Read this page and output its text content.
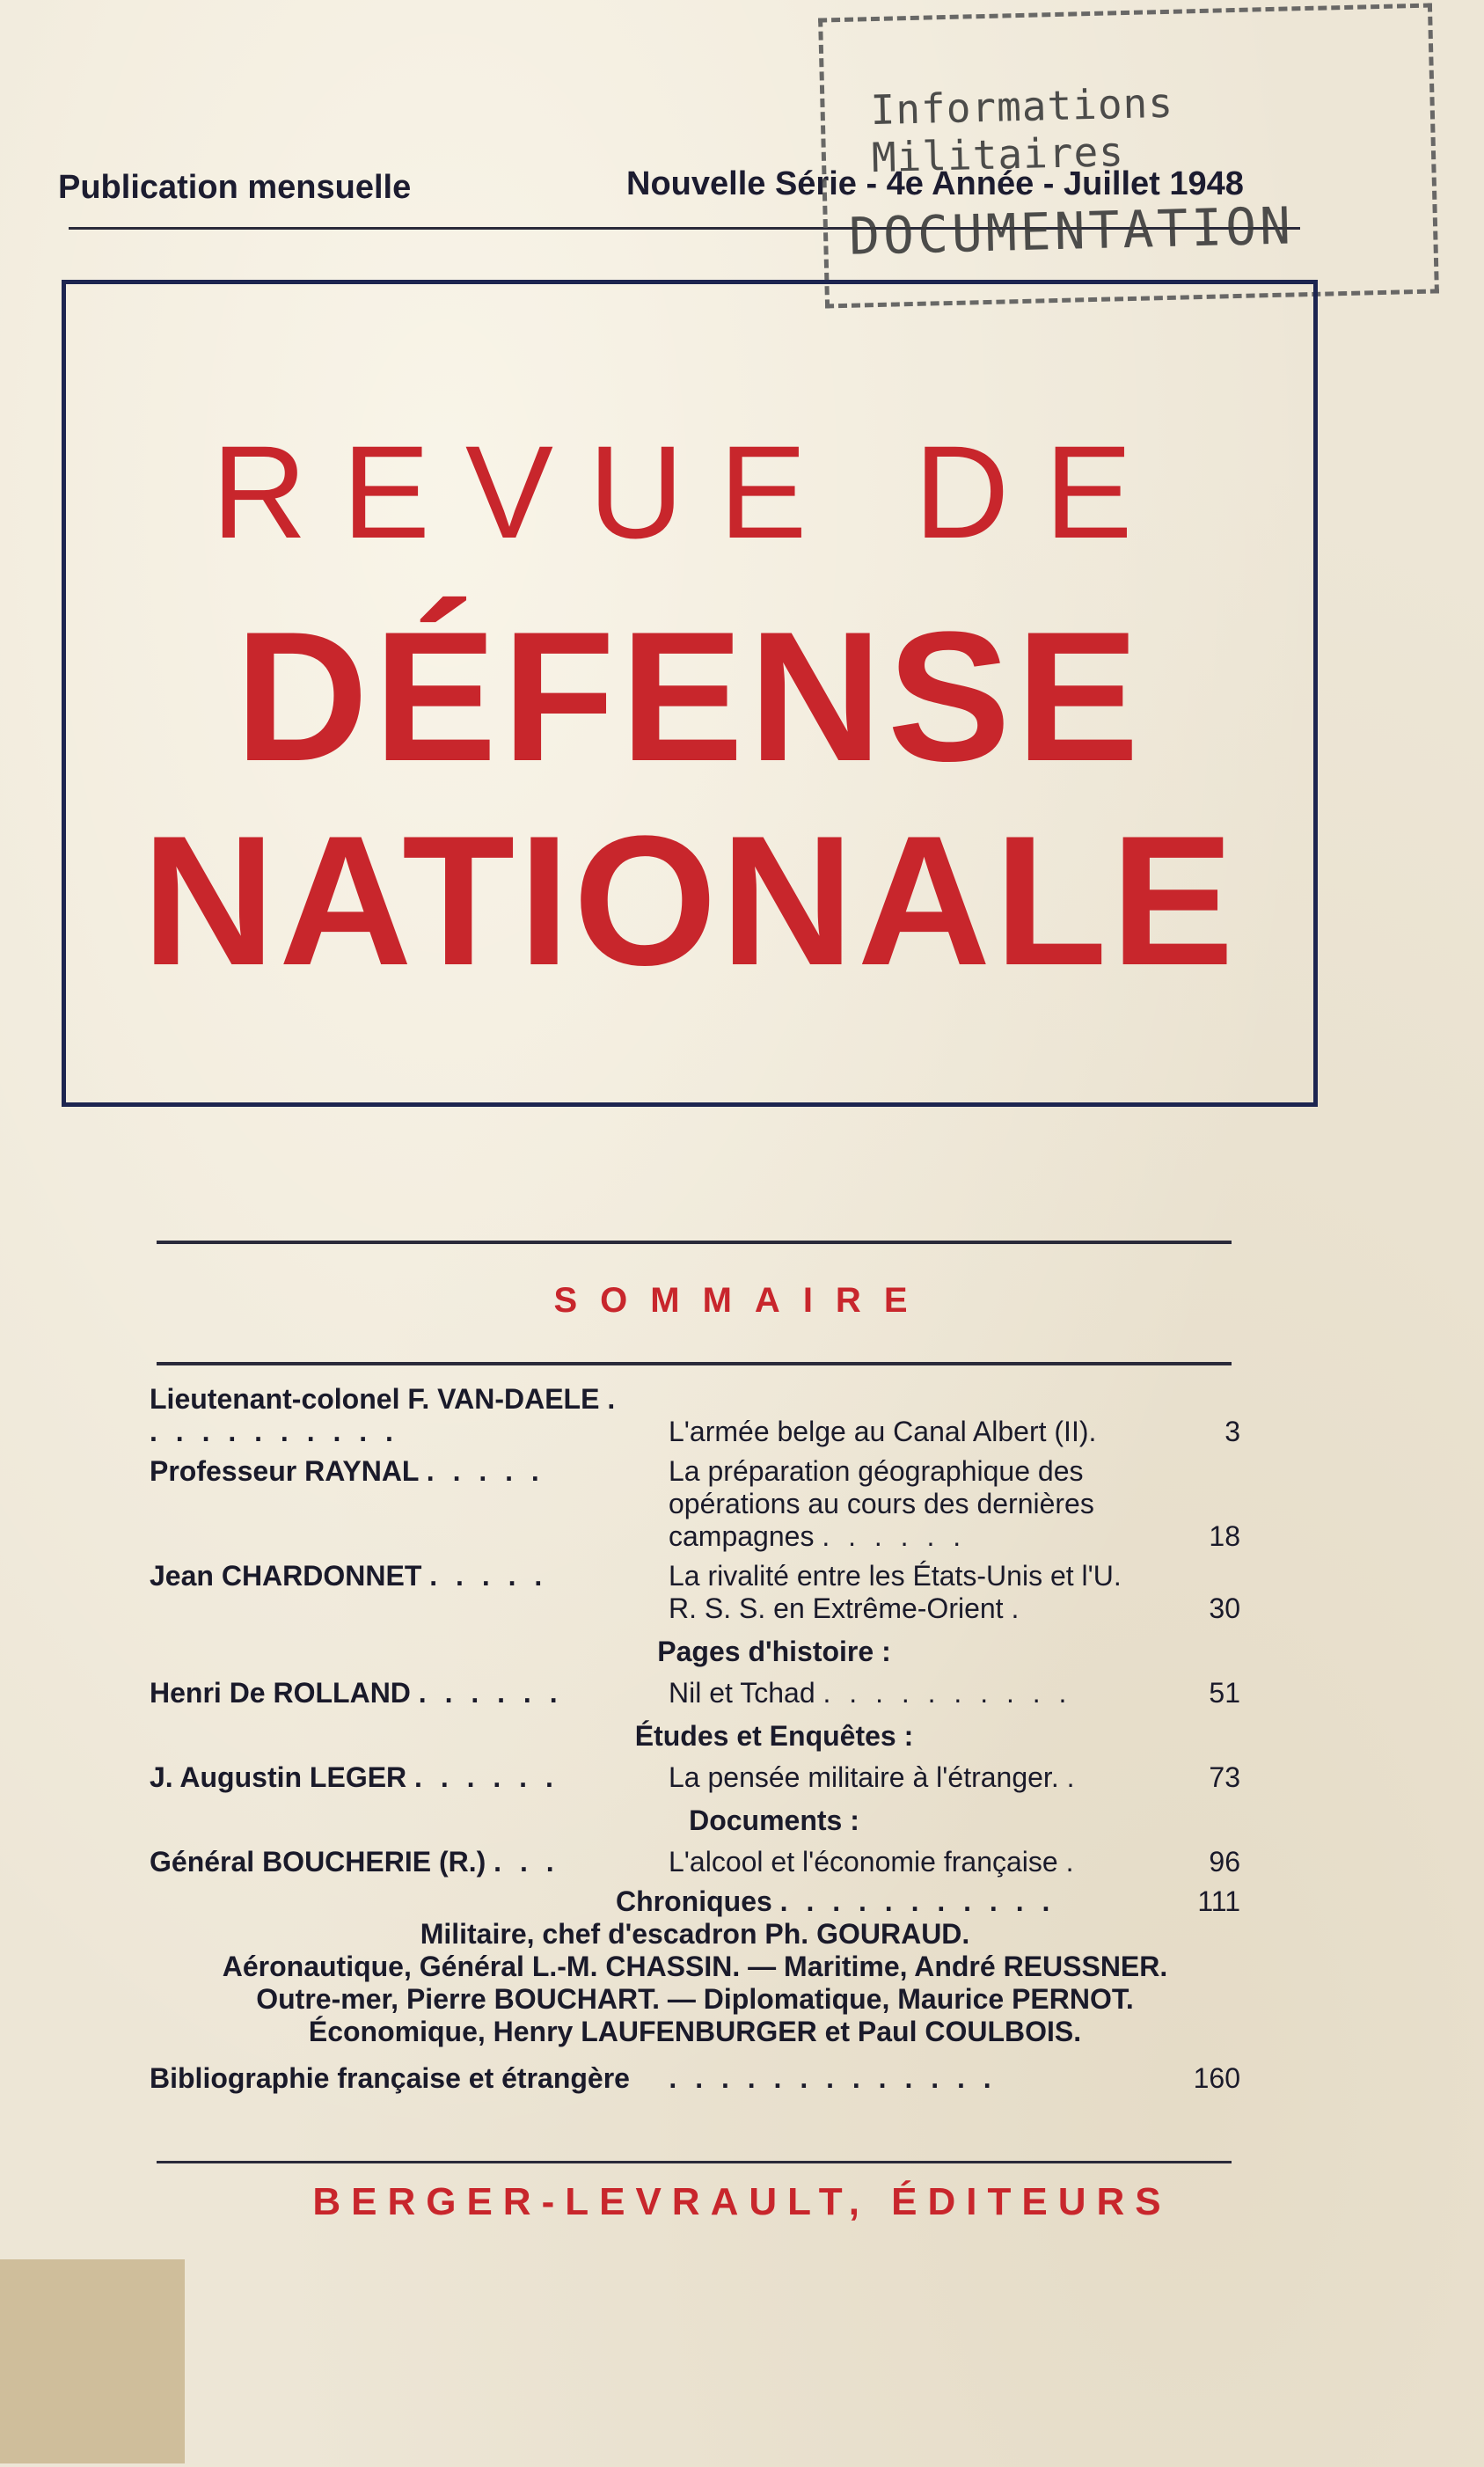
Publication mensuelle	Nouvelle Série - 4e Année - Juillet 1948
Informations Militaires
DOCUMENTATION
REVUE DE
DÉFENSE
NATIONALE
SOMMAIRE
Lieutenant-colonel F. VAN-DAELE . . . . . . . . . . .	L'armée belge au Canal Albert (II).	3
Professeur RAYNAL . . . . .	La préparation géographique des opérations au cours des dernières campagnes . . . . . .	18
Jean CHARDONNET . . . . .	La rivalité entre les États-Unis et l'U. R. S. S. en Extrême-Orient .	30
Pages d'histoire :
Henri De ROLLAND . . . . . .	Nil et Tchad . . . . . . . . . .	51
Études et Enquêtes :
J. Augustin LEGER . . . . . .	La pensée militaire à l'étranger. .	73
Documents :
Général BOUCHERIE (R.) . . .	L'alcool et l'économie française .	96
Chroniques . . . . . . . . . . .	111
Militaire, chef d'escadron Ph. GOURAUD.
Aéronautique, Général L.-M. CHASSIN. — Maritime, André REUSSNER.
Outre-mer, Pierre BOUCHART. — Diplomatique, Maurice PERNOT.
Économique, Henry LAUFENBURGER et Paul COULBOIS.
Bibliographie française et étrangère . . . . . . . . . . . . .	160
BERGER-LEVRAULT, ÉDITEURS
